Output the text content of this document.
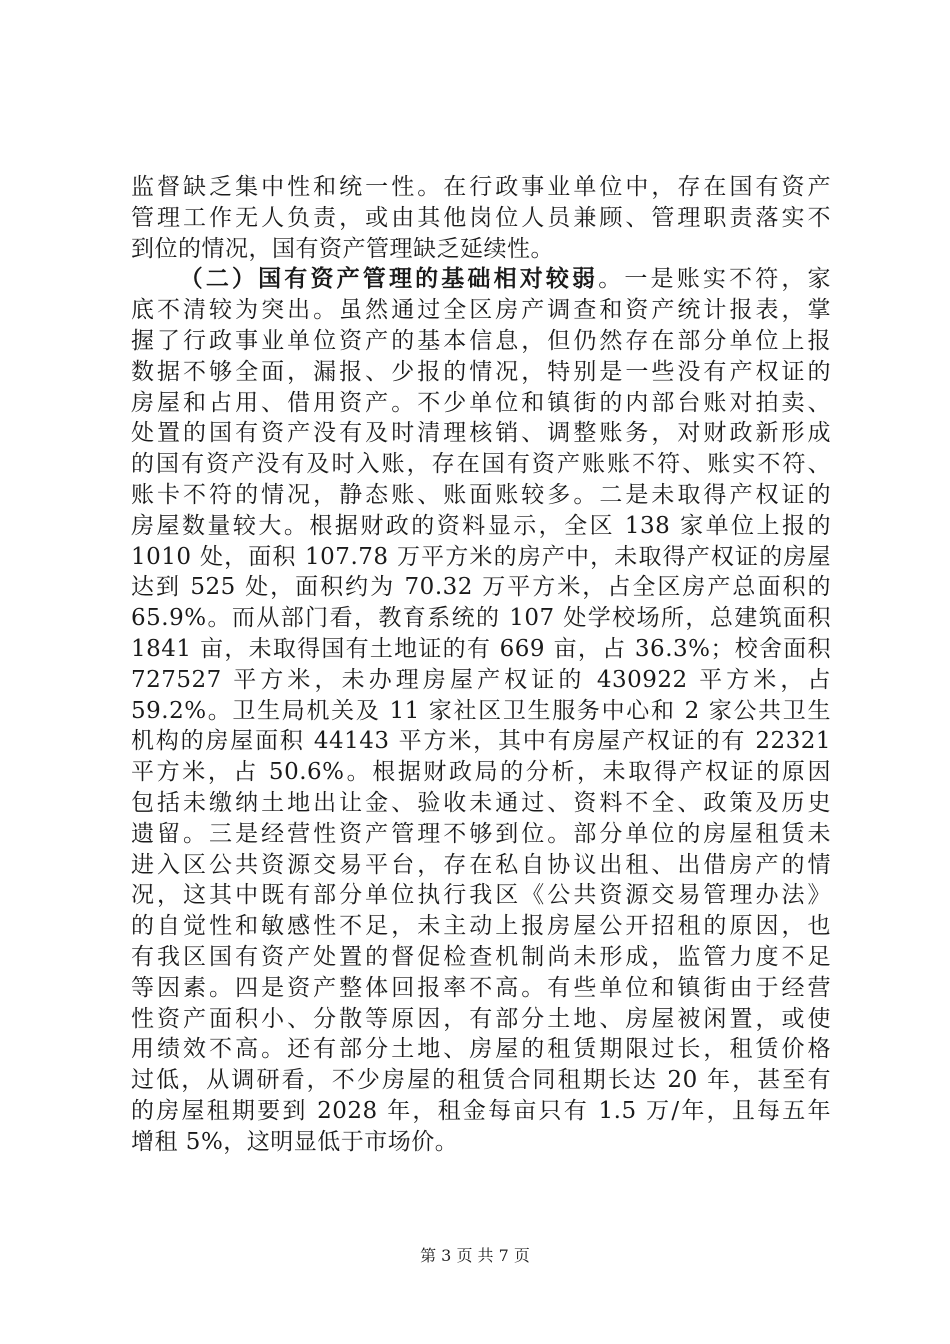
监督缺乏集中性和统一性。在行政事业单位中，存在国有资产
管理工作无人负责，或由其他岗位人员兼顾、管理职责落实不
到位的情况，国有资产管理缺乏延续性。
（二）国有资产管理的基础相对较弱。一是账实不符，家
底不清较为突出。虽然通过全区房产调查和资产统计报表，掌
握了行政事业单位资产的基本信息，但仍然存在部分单位上报
数据不够全面，漏报、少报的情况，特别是一些没有产权证的
房屋和占用、借用资产。不少单位和镇街的内部台账对拍卖、
处置的国有资产没有及时清理核销、调整账务，对财政新形成
的国有资产没有及时入账，存在国有资产账账不符、账实不符、
账卡不符的情况，静态账、账面账较多。二是未取得产权证的
房屋数量较大。根据财政的资料显示，全区 138 家单位上报的
1010 处，面积 107.78 万平方米的房产中，未取得产权证的房屋
达到 525 处，面积约为 70.32 万平方米，占全区房产总面积的
65.9%。而从部门看，教育系统的 107 处学校场所，总建筑面积
1841 亩，未取得国有土地证的有 669 亩，占 36.3%；校舍面积
727527 平方米，未办理房屋产权证的 430922 平方米，占
59.2%。卫生局机关及 11 家社区卫生服务中心和 2 家公共卫生
机构的房屋面积 44143 平方米，其中有房屋产权证的有 22321
平方米，占 50.6%。根据财政局的分析，未取得产权证的原因
包括未缴纳土地出让金、验收未通过、资料不全、政策及历史
遗留。三是经营性资产管理不够到位。部分单位的房屋租赁未
进入区公共资源交易平台，存在私自协议出租、出借房产的情
况，这其中既有部分单位执行我区《公共资源交易管理办法》
的自觉性和敏感性不足，未主动上报房屋公开招租的原因，也
有我区国有资产处置的督促检查机制尚未形成，监管力度不足
等因素。四是资产整体回报率不高。有些单位和镇街由于经营
性资产面积小、分散等原因，有部分土地、房屋被闲置，或使
用绩效不高。还有部分土地、房屋的租赁期限过长，租赁价格
过低，从调研看，不少房屋的租赁合同租期长达 20 年，甚至有
的房屋租期要到 2028 年，租金每亩只有 1.5 万/年，且每五年
增租 5%，这明显低于市场价。
第 3 页 共 7 页
